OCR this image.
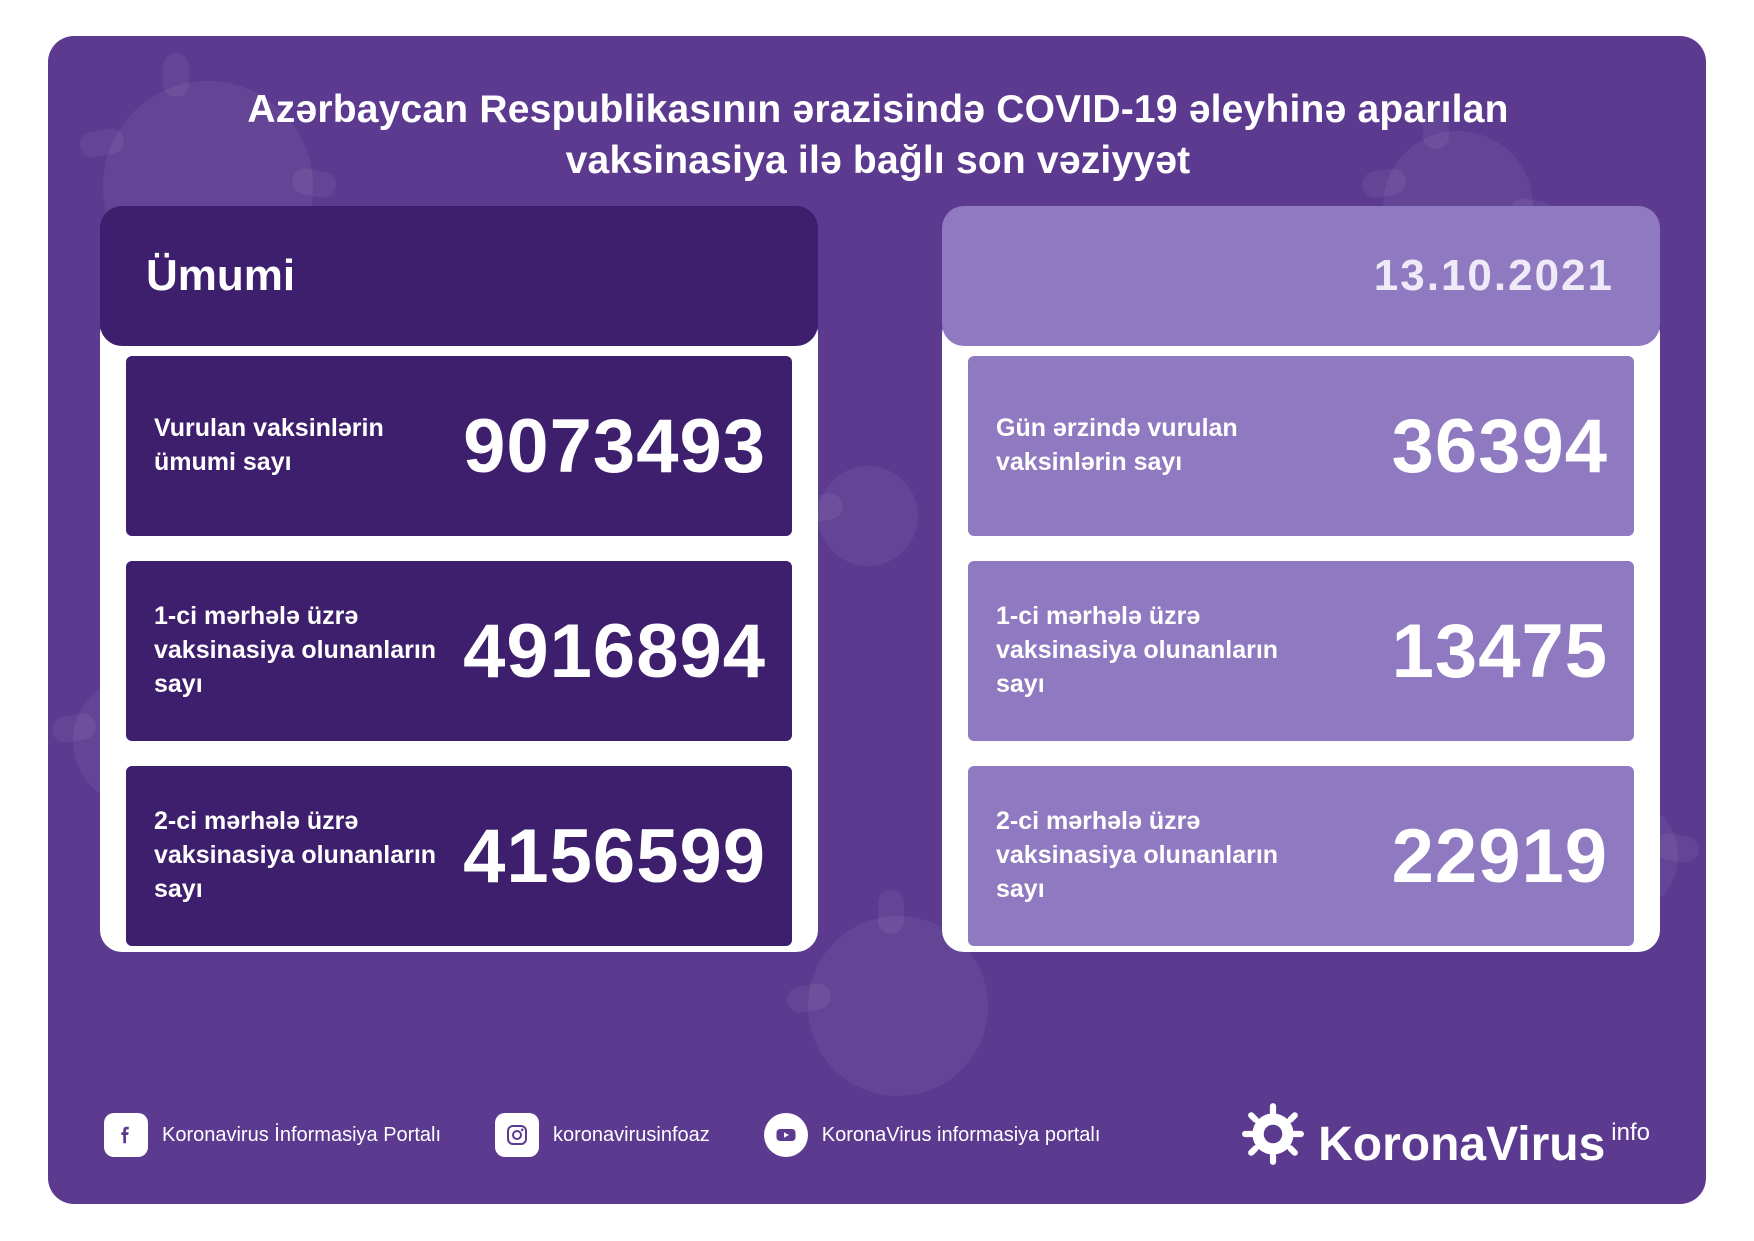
Azərbaycan Respublikasının ərazisində COVID-19 əleyhinə aparılan vaksinasiya ilə bağlı son vəziyyət
Ümumi
Vurulan vaksinlərin ümumi sayı	9073493
1-ci mərhələ üzrə vaksinasiya olunanların sayı	4916894
2-ci mərhələ üzrə vaksinasiya olunanların sayı	4156599
13.10.2021
Gün ərzində vurulan vaksinlərin sayı	36394
1-ci mərhələ üzrə vaksinasiya olunanların sayı	13475
2-ci mərhələ üzrə vaksinasiya olunanların sayı	22919
Koronavirus İnformasiya Portalı	koronavirusinfoaz	KoronaVirus informasiya portalı	KoronaVirus info
